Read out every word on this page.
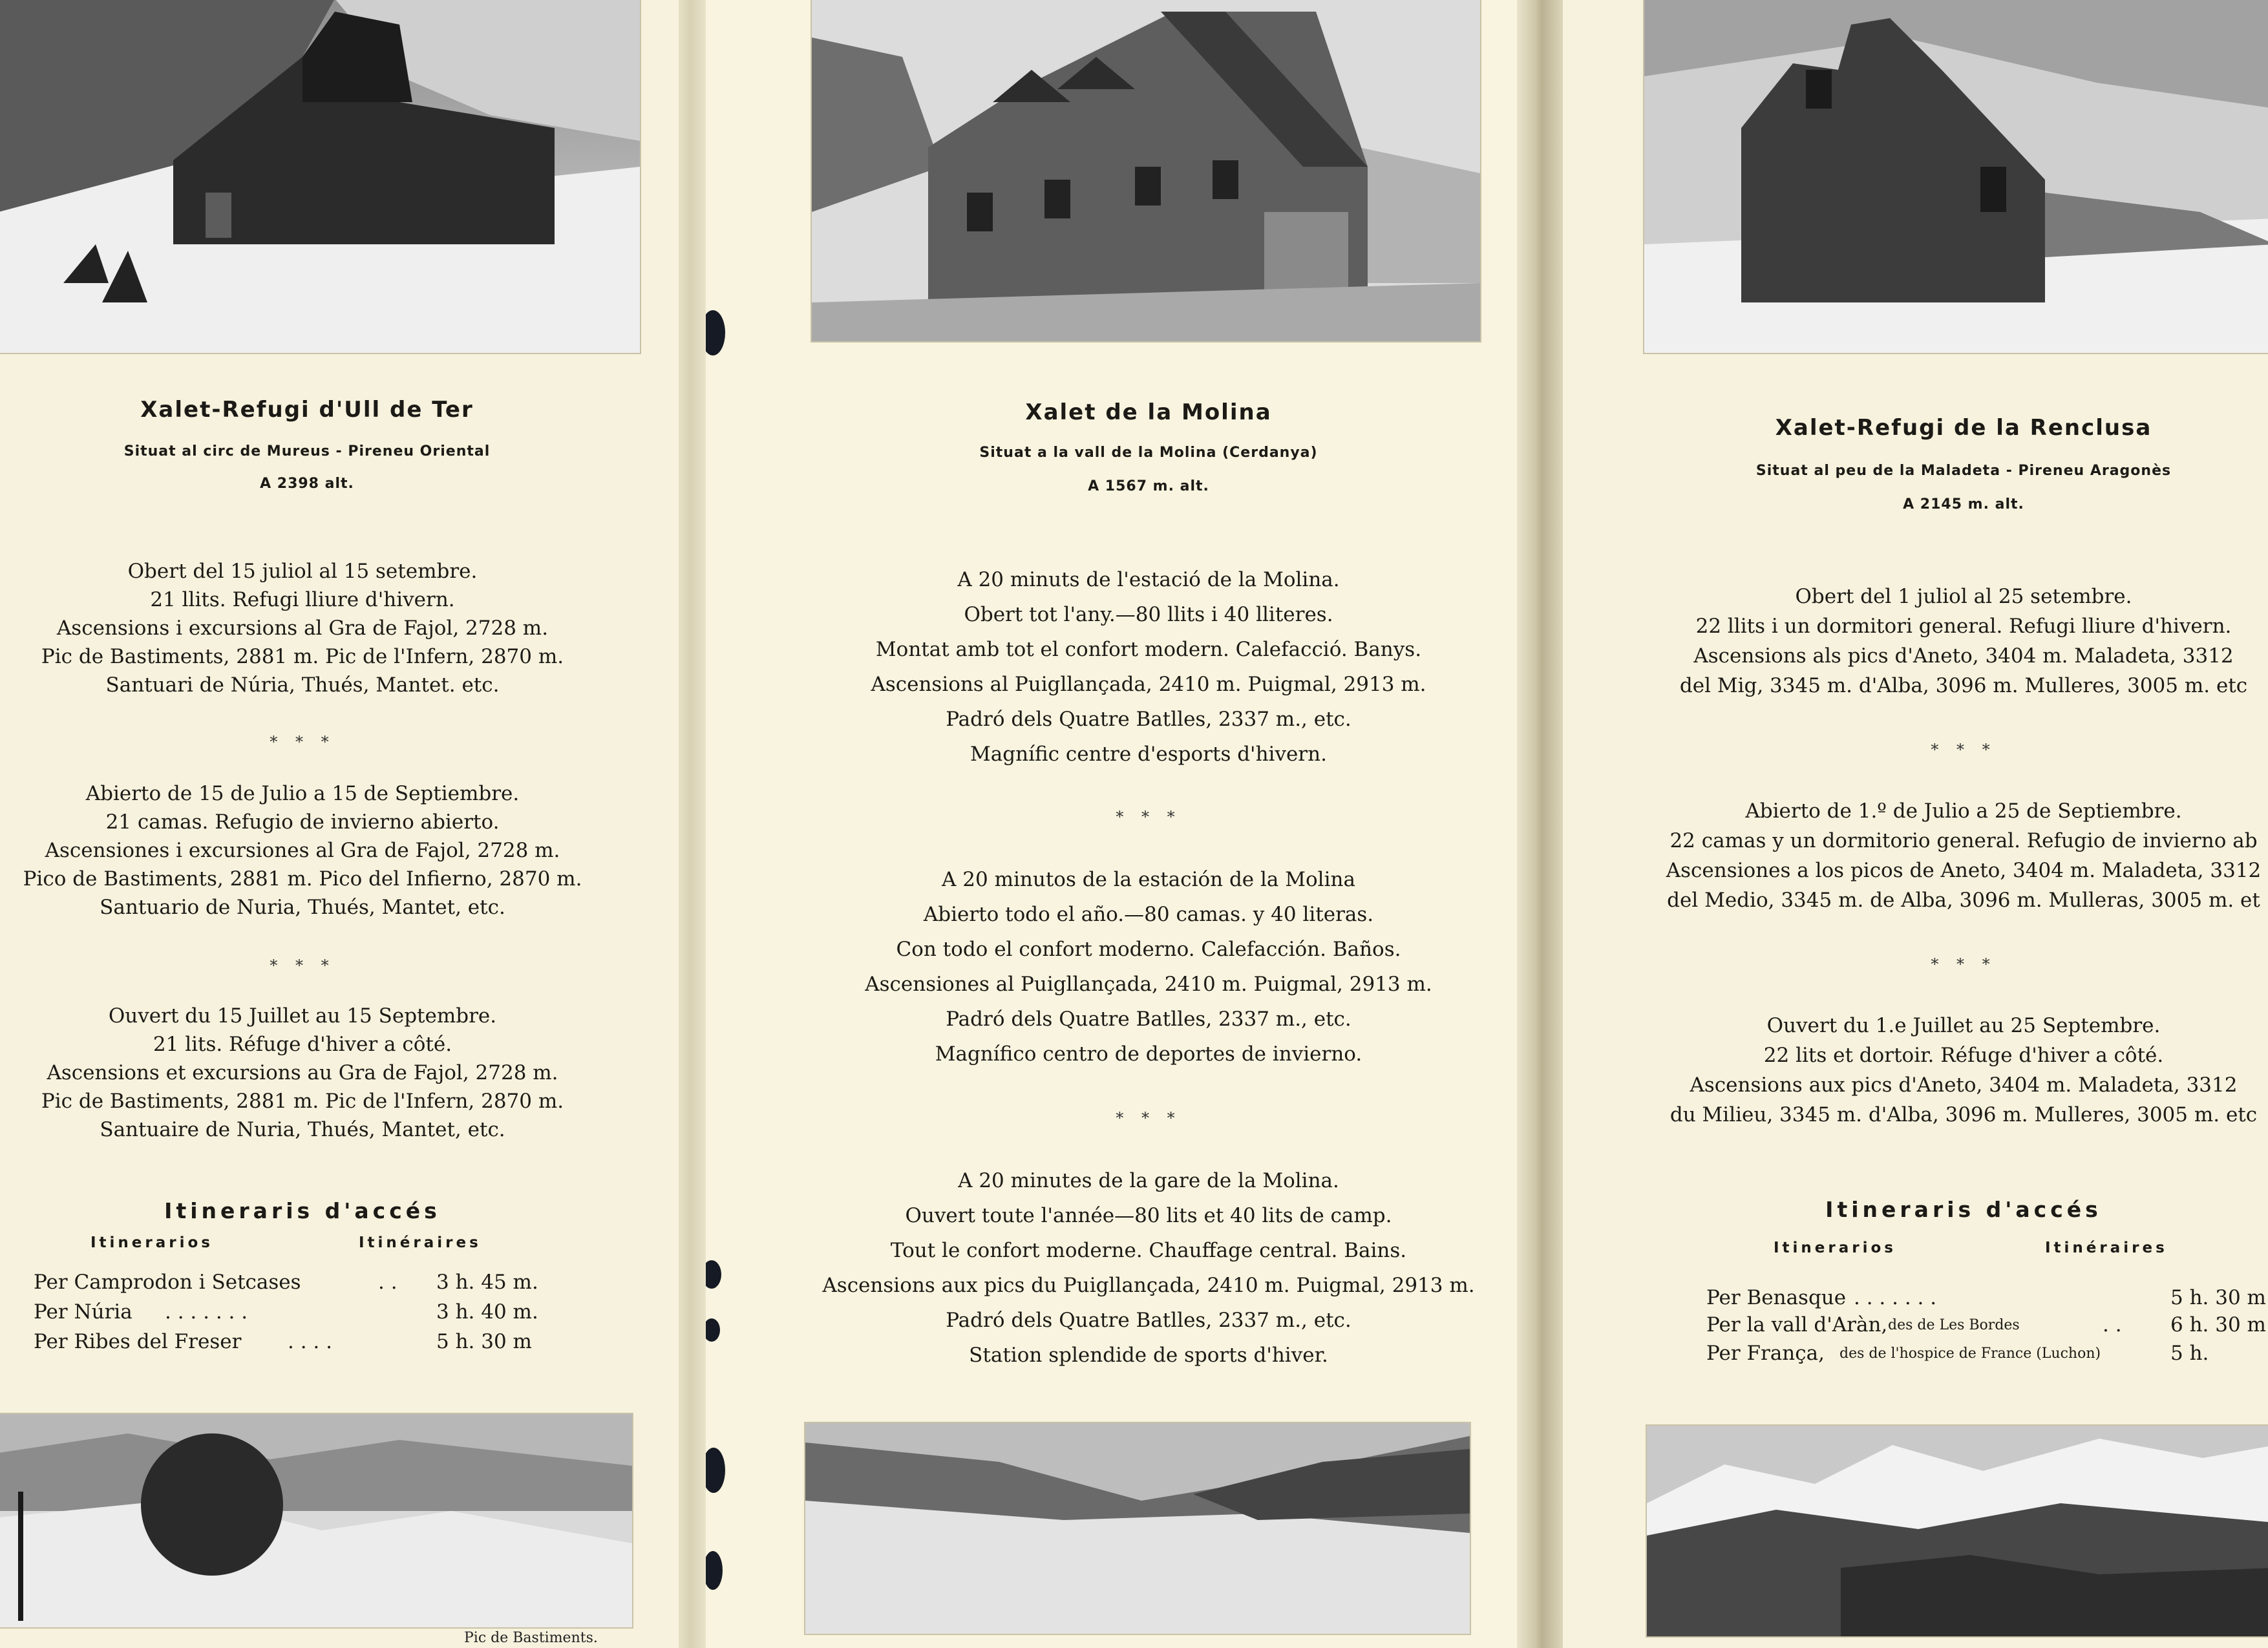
Xalet-Refugi d'Ull de Ter
Situat al circ de Mureus - Pireneu Oriental
A 2398 alt.
Obert del 15 juliol al 15 setembre.
21 llits. Refugi lliure d'hivern.
Ascensions i excursions al Gra de Fajol, 2728 m.
Pic de Bastiments, 2881 m. Pic de l'Infern, 2870 m.
Santuari de Núria, Thués, Mantet. etc.
* * *
Abierto de 15 de Julio a 15 de Septiembre.
21 camas. Refugio de invierno abierto.
Ascensiones i excursiones al Gra de Fajol, 2728 m.
Pico de Bastiments, 2881 m. Pico del Infierno, 2870 m.
Santuario de Nuria, Thués, Mantet, etc.
* * *
Ouvert du 15 Juillet au 15 Septembre.
21 lits. Réfuge d'hiver a côté.
Ascensions et excursions au Gra de Fajol, 2728 m.
Pic de Bastiments, 2881 m. Pic de l'Infern, 2870 m.
Santuaire de Nuria, Thués, Mantet, etc.
Itineraris d'accés
Itinerarios	Itinéraires
Per Camprodon i Setcases	. . 3 h. 45 m.
Per Núria . . . . . . .	3 h. 40 m.
Per Ribes del Freser . . . .	5 h. 30 m
Pic de Bastiments.
Xalet de la Molina
Situat a la vall de la Molina (Cerdanya)
A 1567 m. alt.
A 20 minuts de l'estació de la Molina.
Obert tot l'any.—80 llits i 40 lliteres.
Montat amb tot el confort modern. Calefacció. Banys.
Ascensions al Puigllançada, 2410 m. Puigmal, 2913 m.
Padró dels Quatre Batlles, 2337 m., etc.
Magnífic centre d'esports d'hivern.
* * *
A 20 minutos de la estación de la Molina
Abierto todo el año.—80 camas. y 40 literas.
Con todo el confort moderno. Calefacción. Baños.
Ascensiones al Puigllançada, 2410 m. Puigmal, 2913 m.
Padró dels Quatre Batlles, 2337 m., etc.
Magnífico centro de deportes de invierno.
* * *
A 20 minutes de la gare de la Molina.
Ouvert toute l'année—80 lits et 40 lits de camp.
Tout le confort moderne. Chauffage central. Bains.
Ascensions aux pics du Puigllançada, 2410 m. Puigmal, 2913 m.
Padró dels Quatre Batlles, 2337 m., etc.
Station splendide de sports d'hiver.
Xalet-Refugi de la Renclusa
Situat al peu de la Maladeta - Pireneu Aragonès
A 2145 m. alt.
Obert del 1 juliol al 25 setembre.
22 llits i un dormitori general. Refugi lliure d'hivern.
Ascensions als pics d'Aneto, 3404 m. Maladeta, 3312
del Mig, 3345 m. d'Alba, 3096 m. Mulleres, 3005 m. etc
* * *
Abierto de 1.º de Julio a 25 de Septiembre.
22 camas y un dormitorio general. Refugio de invierno ab
Ascensiones a los picos de Aneto, 3404 m. Maladeta, 3312
del Medio, 3345 m. de Alba, 3096 m. Mulleras, 3005 m. et
* * *
Ouvert du 1.e Juillet au 25 Septembre.
22 lits et dortoir. Réfuge d'hiver a côté.
Ascensions aux pics d'Aneto, 3404 m. Maladeta, 3312
du Milieu, 3345 m. d'Alba, 3096 m. Mulleres, 3005 m. etc
Itineraris d'accés
Itinerarios	Itinéraires
Per Benasque . . . . . . .	5 h. 30 m
Per la vall d'Aràn, des de Les Bordes	. . 6 h. 30 m
Per França, des de l'hospice de France (Luchon)	5 h.
